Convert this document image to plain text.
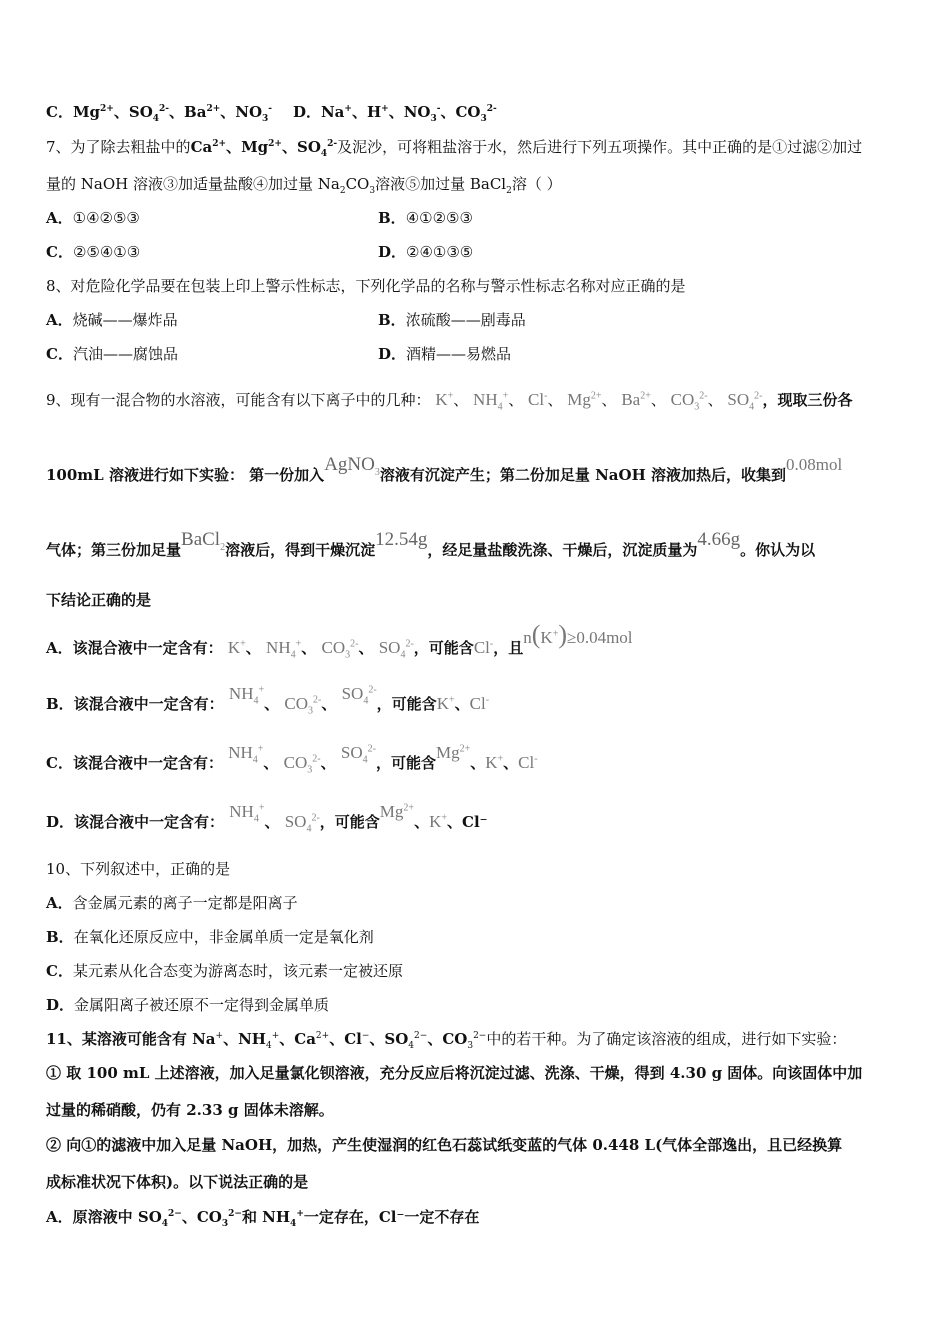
C．$Mg^{2+}$、$SO_4^{2-}$、$Ba^{2+}$、$NO_3^-$ D．Na+、H+、$NO_3^-$、$CO_3^{2-}$
7、为了除去粗盐中的$Ca^{2+}$、$Mg^{2+}$、$SO_4^{2-}$及泥沙，可将粗盐溶于水，然后进行下列五项操作。其中正确的是①过滤②加过
量的 NaOH 溶液③加适量盐酸④加过量 $Na_2CO_3$溶液⑤加过量 BaCl$_2$溶（ ）
A．①④②⑤③	B．④①②⑤③
C．②⑤④①③	D．②④①③⑤
8、对危险化学品要在包装上印上警示性标志，下列化学品的名称与警示性标志名称对应正确的是
A．烧碱——爆炸品	B．浓硫酸——剧毒品
C．汽油——腐蚀品	D．酒精——易燃品
9、现有一混合物的水溶液，可能含有以下离子中的几种： K+、 $NH_4^+$、 Cl-、 $Mg^{2+}$、 $Ba^{2+}$、 $CO_3^{2-}$、 $SO_4^{2-}$，现取三份各
100mL 溶液进行如下实验： 第一份加入AgNO$_3$溶液有沉淀产生；第二份加足量 NaOH 溶液加热后，收集到0.08mol
气体；第三份加足量BaCl$_2$溶液后，得到干燥沉淀12.54g，经足量盐酸洗涤、干燥后，沉淀质量为4.66g。你认为以
下结论正确的是
A．该混合液中一定含有： K+、 $NH_4^+$、 $CO_3^{2-}$、 $SO_4^{2-}$，可能含Cl-，且n(K+)≥0.04mol
B．该混合液中一定含有： $NH_4^+$、 $CO_3^{2-}$、 $SO_4^{2-}$，可能含K+、Cl-
C．该混合液中一定含有： $NH_4^+$、 $CO_3^{2-}$、 $SO_4^{2-}$，可能含$Mg^{2+}$、K+、Cl-
D．该混合液中一定含有： $NH_4^+$、 $SO_4^{2-}$，可能含$Mg^{2+}$、K+、Cl⁻
10、下列叙述中，正确的是
A．含金属元素的离子一定都是阳离子
B．在氧化还原反应中，非金属单质一定是氧化剂
C．某元素从化合态变为游离态时，该元素一定被还原
D．金属阳离子被还原不一定得到金属单质
11、某溶液可能含有 Na+、$NH_4^+$、$Ca^{2+}$、Cl−、$SO_4^{2-}$、$CO_3^{2-}$中的若干种。为了确定该溶液的组成，进行如下实验：
① 取 100 mL 上述溶液，加入足量氯化钡溶液，充分反应后将沉淀过滤、洗涤、干燥，得到 4.30 g 固体。向该固体中加
过量的稀硝酸，仍有 2.33 g 固体未溶解。
② 向①的滤液中加入足量 NaOH，加热，产生使湿润的红色石蕊试纸变蓝的气体 0.448 L(气体全部逸出，且已经换算
成标准状况下体积)。以下说法正确的是
A．原溶液中 $SO_4^{2-}$、$CO_3^{2-}$和 $NH_4^+$一定存在，Cl⁻一定不存在
